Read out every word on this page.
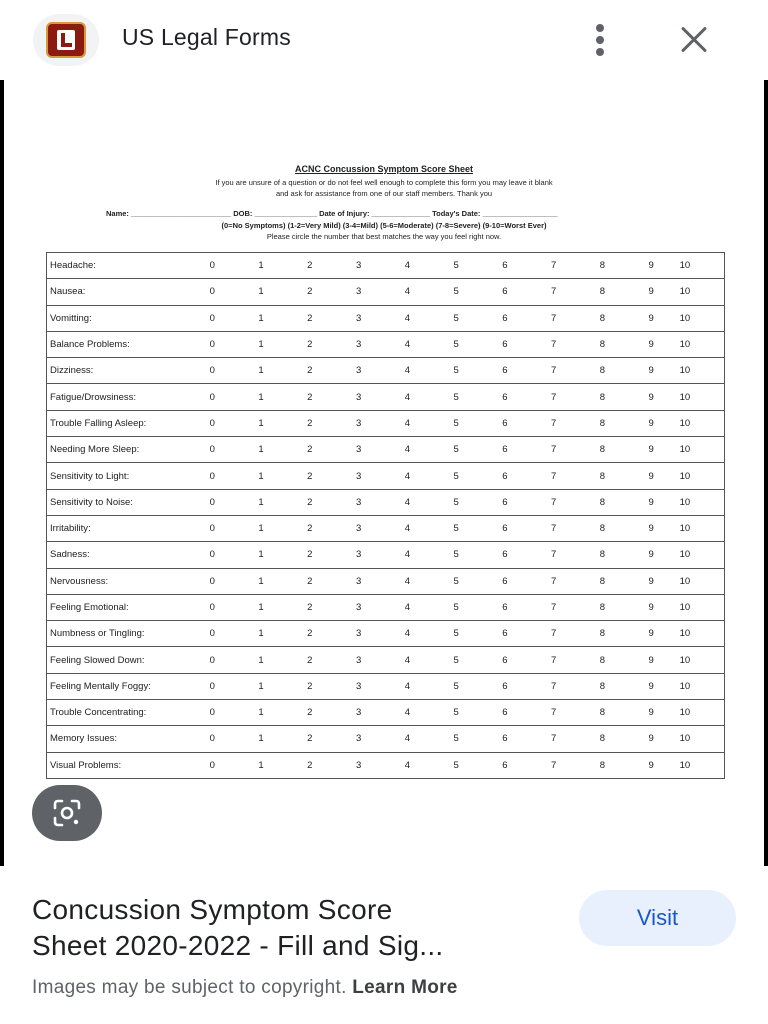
US Legal Forms
ACNC Concussion Symptom Score Sheet
If you are unsure of a question or do not feel well enough to complete this form you may leave it blank
and ask for assistance from one of our staff members. Thank you
Name: ________________________ DOB: _______________ Date of Injury: ______________ Today's Date: __________________
(0=No Symptoms) (1-2=Very Mild) (3-4=Mild) (5-6=Moderate) (7-8=Severe) (9-10=Worst Ever)
Please circle the number that best matches the way you feel right now.
Headache:	0	1	2	3	4	5	6	7	8	9	10
Nausea:	0	1	2	3	4	5	6	7	8	9	10
Vomitting:	0	1	2	3	4	5	6	7	8	9	10
Balance Problems:	0	1	2	3	4	5	6	7	8	9	10
Dizziness:	0	1	2	3	4	5	6	7	8	9	10
Fatigue/Drowsiness:	0	1	2	3	4	5	6	7	8	9	10
Trouble Falling Asleep:	0	1	2	3	4	5	6	7	8	9	10
Needing More Sleep:	0	1	2	3	4	5	6	7	8	9	10
Sensitivity to Light:	0	1	2	3	4	5	6	7	8	9	10
Sensitivity to Noise:	0	1	2	3	4	5	6	7	8	9	10
Irritability:	0	1	2	3	4	5	6	7	8	9	10
Sadness:	0	1	2	3	4	5	6	7	8	9	10
Nervousness:	0	1	2	3	4	5	6	7	8	9	10
Feeling Emotional:	0	1	2	3	4	5	6	7	8	9	10
Numbness or Tingling:	0	1	2	3	4	5	6	7	8	9	10
Feeling Slowed Down:	0	1	2	3	4	5	6	7	8	9	10
Feeling Mentally Foggy:	0	1	2	3	4	5	6	7	8	9	10
Trouble Concentrating:	0	1	2	3	4	5	6	7	8	9	10
Memory Issues:	0	1	2	3	4	5	6	7	8	9	10
Visual Problems:	0	1	2	3	4	5	6	7	8	9	10
Concussion Symptom Score
Sheet 2020-2022 - Fill and Sig...
Visit
Images may be subject to copyright. Learn More
